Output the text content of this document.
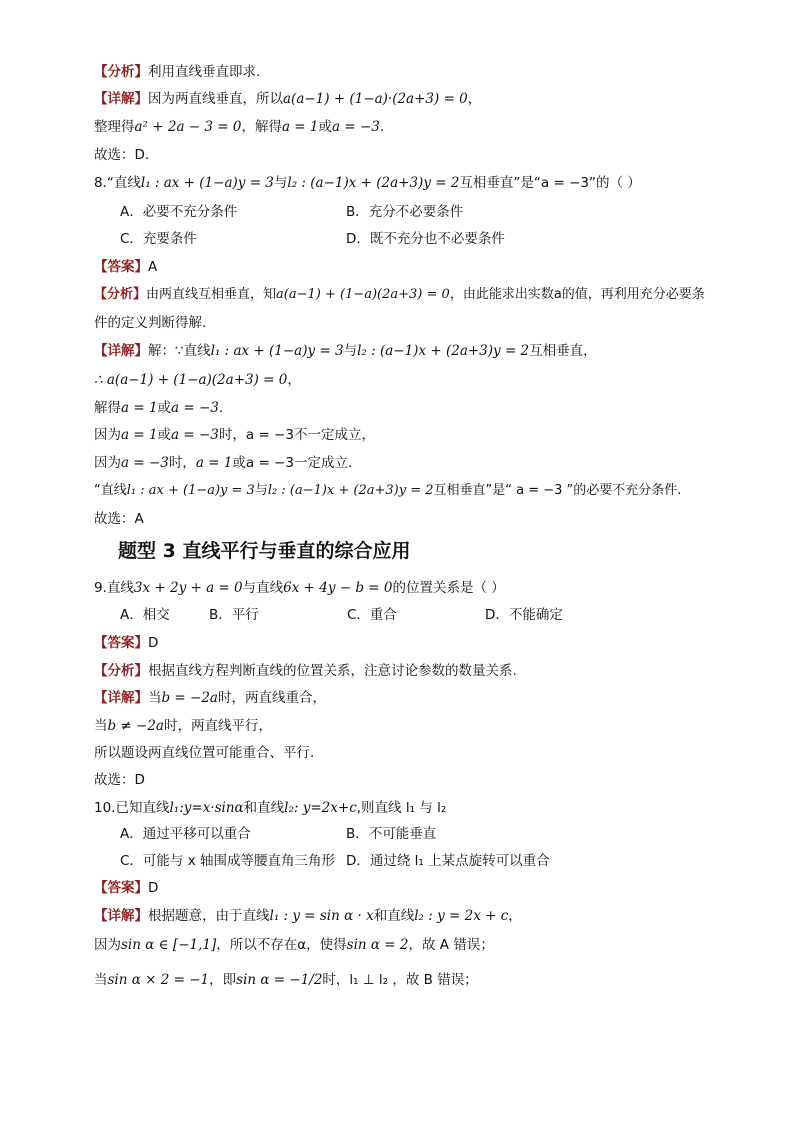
【分析】利用直线垂直即求.
【详解】因为两直线垂直，所以a(a−1) + (1−a)·(2a+3) = 0，
整理得a² + 2a − 3 = 0，解得a = 1或a = −3.
故选：D.
8.“直线l₁ : ax + (1−a)y = 3与l₂ : (a−1)x + (2a+3)y = 2互相垂直”是“a = −3”的（ ）
A．必要不充分条件	B．充分不必要条件
C．充要条件	D．既不充分也不必要条件
【答案】A
【分析】由两直线互相垂直，知a(a−1) + (1−a)(2a+3) = 0，由此能求出实数a的值，再利用充分必要条
件的定义判断得解.
【详解】解：∵直线l₁ : ax + (1−a)y = 3与l₂ : (a−1)x + (2a+3)y = 2互相垂直，
∴ a(a−1) + (1−a)(2a+3) = 0，
解得a = 1或a = −3.
因为a = 1或a = −3时，a = −3不一定成立，
因为a = −3时，a = 1或a = −3一定成立.
“直线l₁ : ax + (1−a)y = 3与l₂ : (a−1)x + (2a+3)y = 2互相垂直”是“ a = −3 ”的必要不充分条件.
故选：A
题型 3 直线平行与垂直的综合应用
9.直线3x + 2y + a = 0与直线6x + 4y − b = 0的位置关系是（ ）
A．相交	B．平行	C．重合	D．不能确定
【答案】D
【分析】根据直线方程判断直线的位置关系，注意讨论参数的数量关系.
【详解】当b = −2a时，两直线重合，
当b ≠ −2a时，两直线平行，
所以题设两直线位置可能重合、平行.
故选：D
10.已知直线l₁:y=x·sinα和直线l₂: y=2x+c,则直线 l₁ 与 l₂
A．通过平移可以重合	B．不可能垂直
C．可能与 x 轴围成等腰直角三角形 D．通过绕 l₁ 上某点旋转可以重合
【答案】D
【详解】根据题意，由于直线l₁ : y = sin α · x和直线l₂ : y = 2x + c，
因为sin α ∈ [−1,1]，所以不存在α，使得sin α = 2，故 A 错误；
当sin α × 2 = −1，即sin α = −1/2时，l₁ ⊥ l₂ ，故 B 错误；
